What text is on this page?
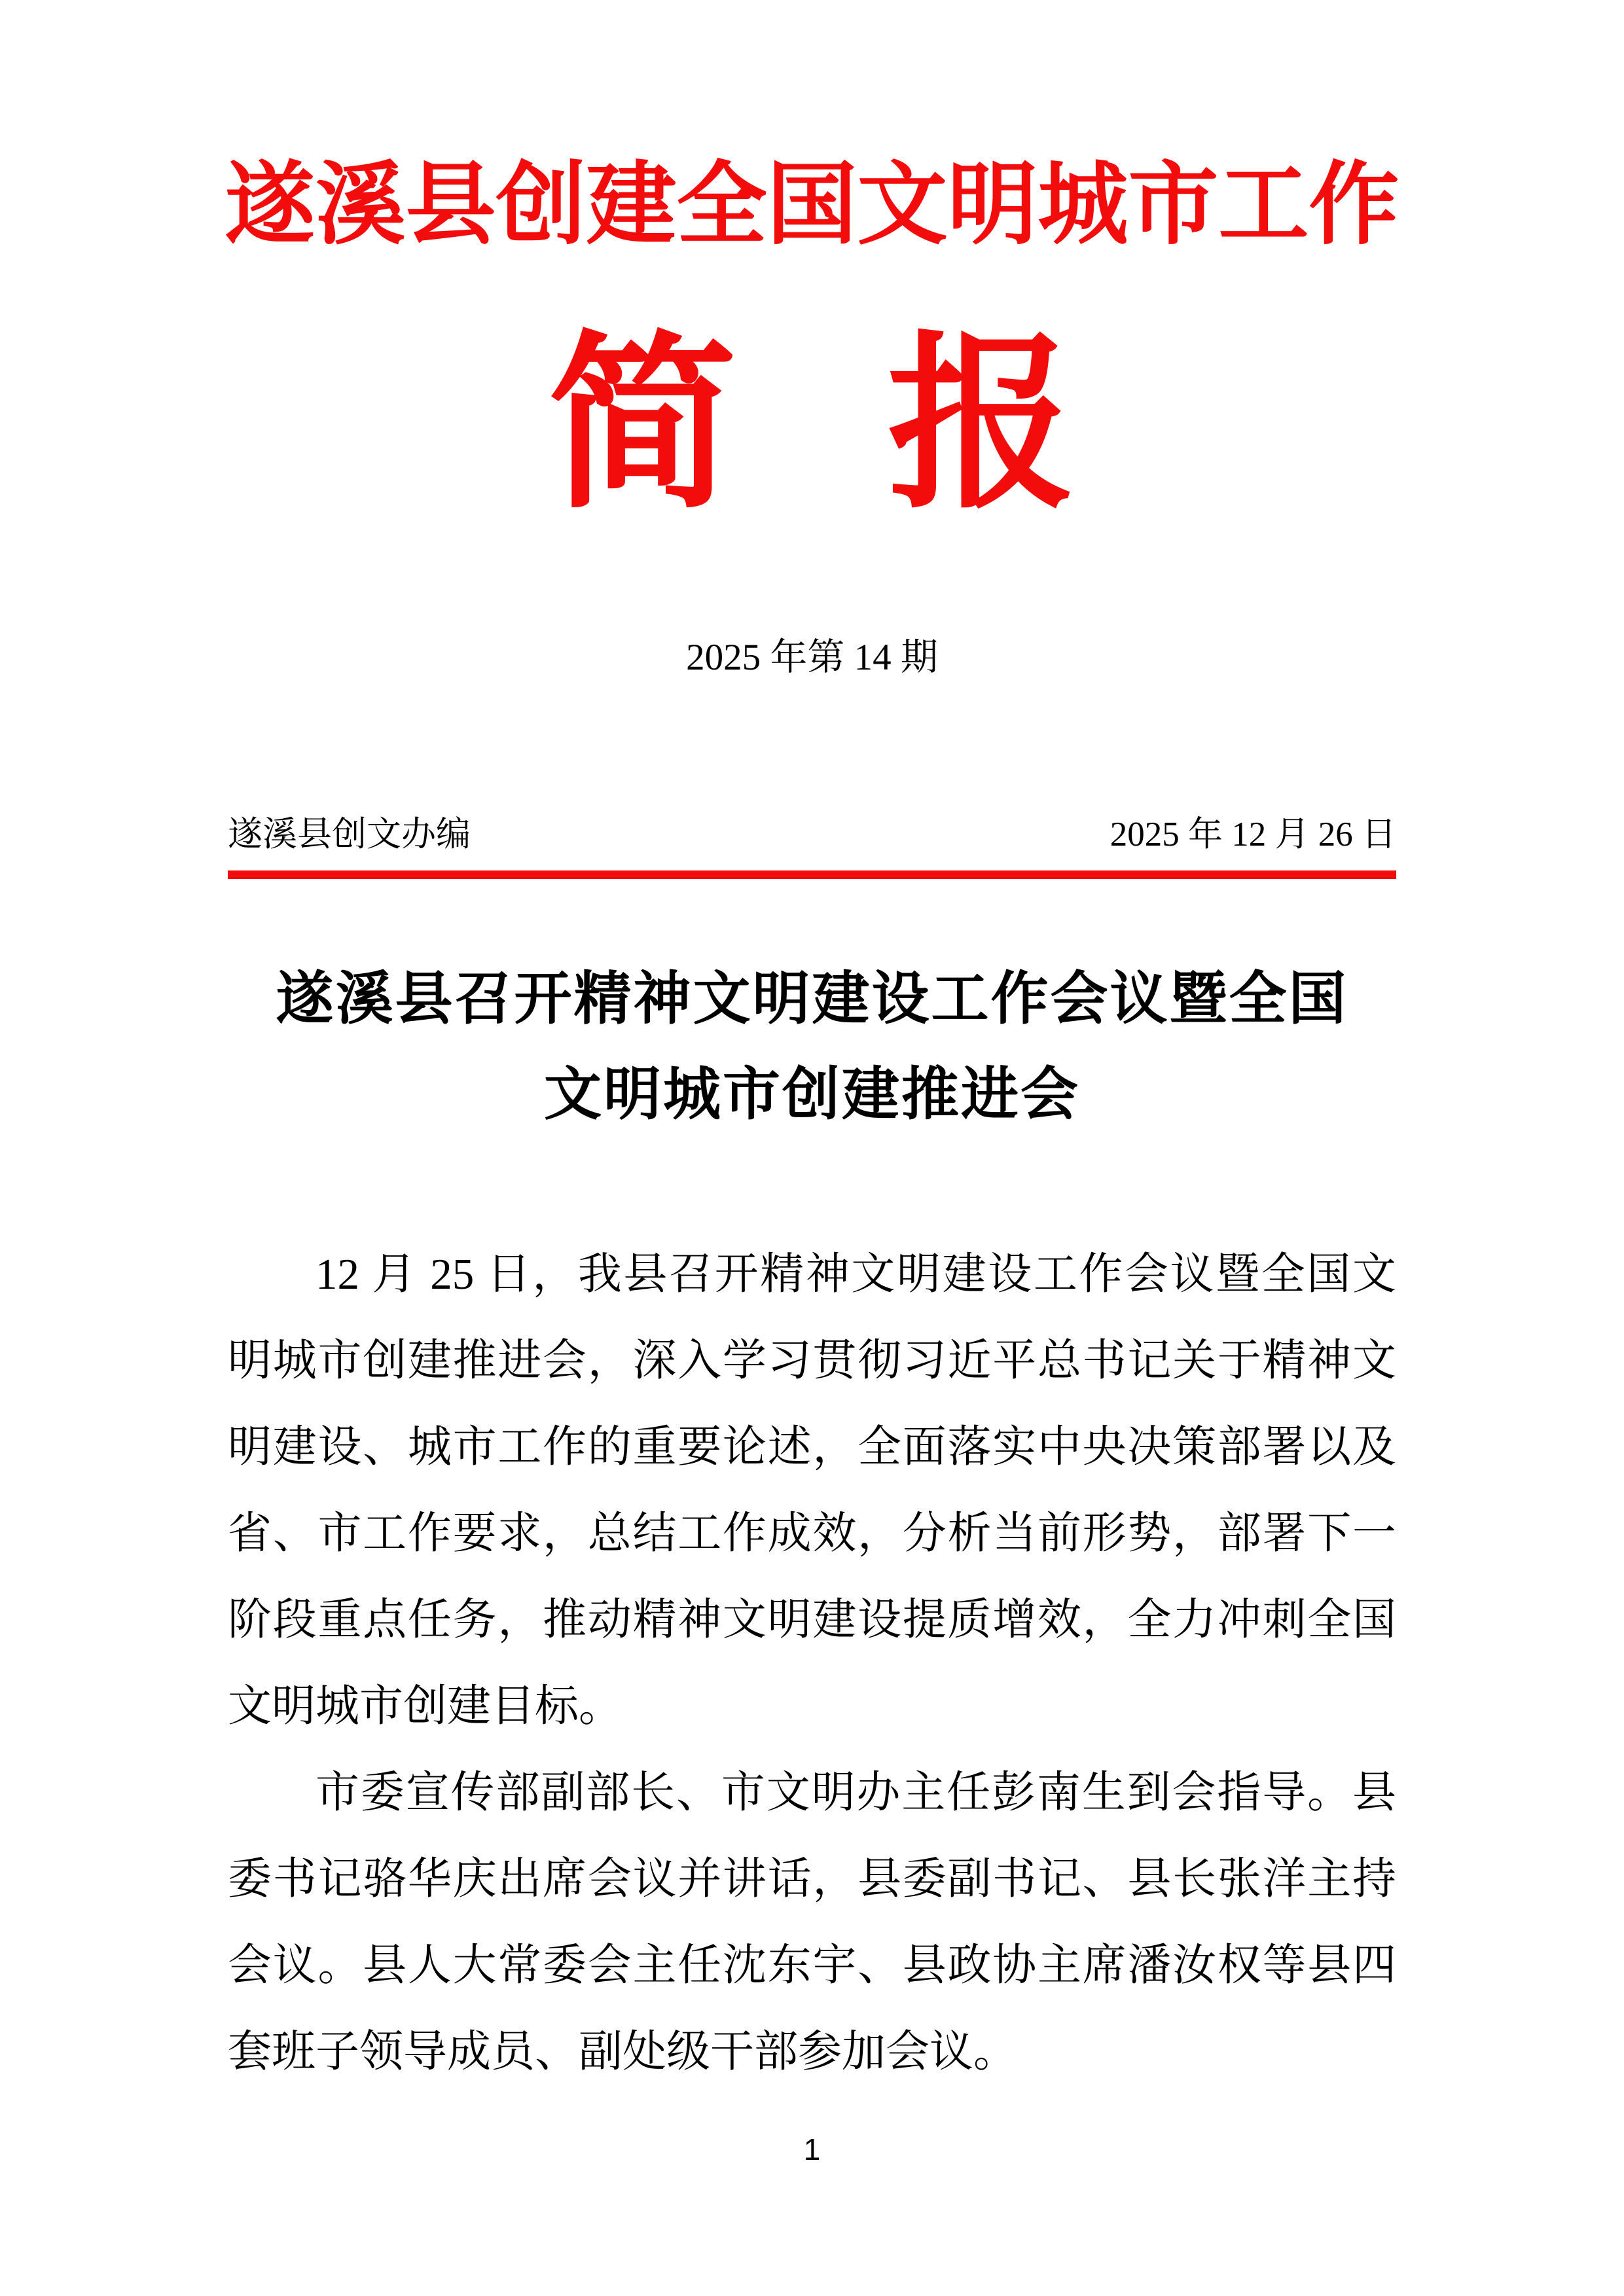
遂溪县创建全国文明城市工作
简 报
2025 年第 14 期
遂溪县创文办编	2025 年 12 月 26 日
遂溪县召开精神文明建设工作会议暨全国
文明城市创建推进会

12 月 25 日，我县召开精神文明建设工作会议暨全国文

明城市创建推进会，深入学习贯彻习近平总书记关于精神文

明建设、城市工作的重要论述，全面落实中央决策部署以及

省、市工作要求，总结工作成效，分析当前形势，部署下一

阶段重点任务，推动精神文明建设提质增效，全力冲刺全国

文明城市创建目标。

市委宣传部副部长、市文明办主任彭南生到会指导。县

委书记骆华庆出席会议并讲话，县委副书记、县长张洋主持

会议。县人大常委会主任沈东宇、县政协主席潘汝权等县四

套班子领导成员、副处级干部参加会议。

1
